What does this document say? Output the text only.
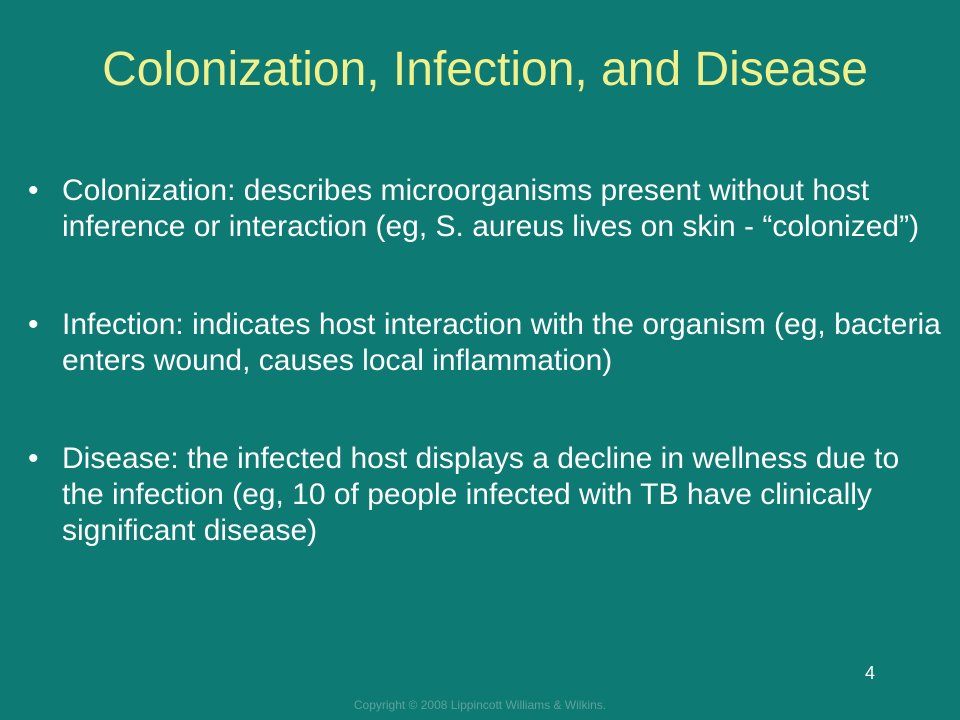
Colonization, Infection, and Disease
• Colonization: describes microorganisms present without host inference or interaction (eg, S. aureus lives on skin - “colonized”)
• Infection: indicates host interaction with the organism (eg, bacteria enters wound, causes local inflammation)
• Disease: the infected host displays a decline in wellness due to the infection (eg, 10 of people infected with TB have clinically significant disease)
4
Copyright © 2008 Lippincott Williams & Wilkins.
